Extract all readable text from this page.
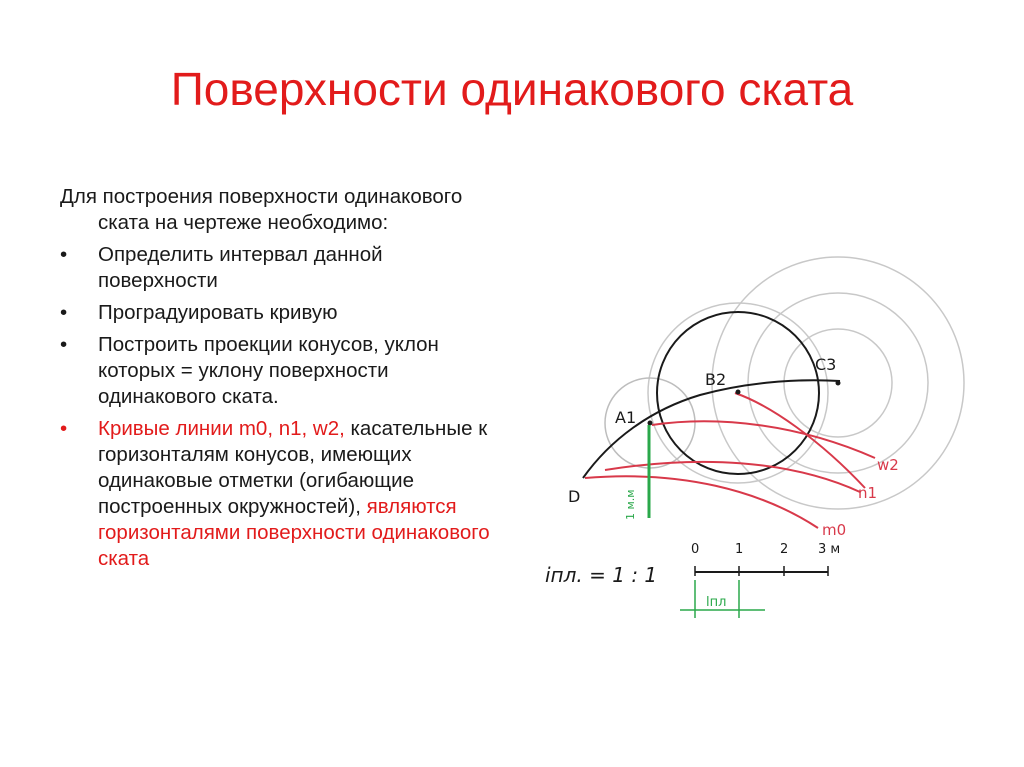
Поверхности одинакового ската

Для построения поверхности одинакового ската на чертеже необходимо:

• Определить интервал данной поверхности
• Проградуировать кривую
• Построить проекции конусов, уклон которых = уклону поверхности одинакового ската.
• Кривые линии m0, n1, w2, касательные к горизонталям конусов, имеющих одинаковые отметки (огибающие построенных окружностей), являются горизонталями поверхности одинакового ската
1 м.м
D
A1
B2
C3
w2
n1
m0
iпл. = 1 : 1
0	1	2 3 м
lпл
